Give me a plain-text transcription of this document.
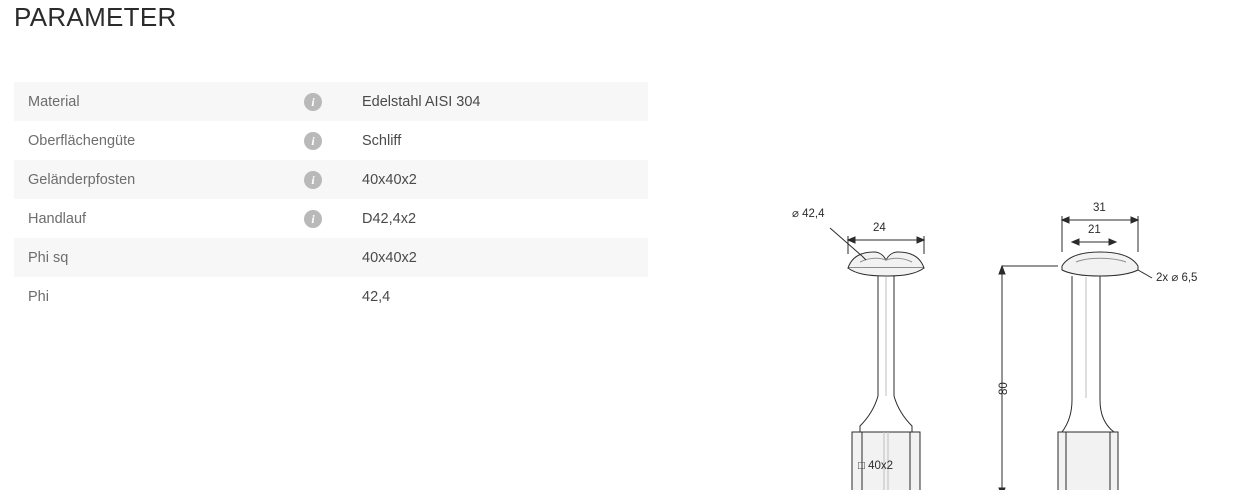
PARAMETER
Material	i	Edelstahl AISI 304
Oberflächengüte	i	Schliff
Geländerpfosten	i	40x40x2
Handlauf	i	D42,4x2
Phi sq		40x40x2
Phi		42,4
⌀ 42,4
24
□ 40x2
31
21
2x ⌀ 6,5
80
